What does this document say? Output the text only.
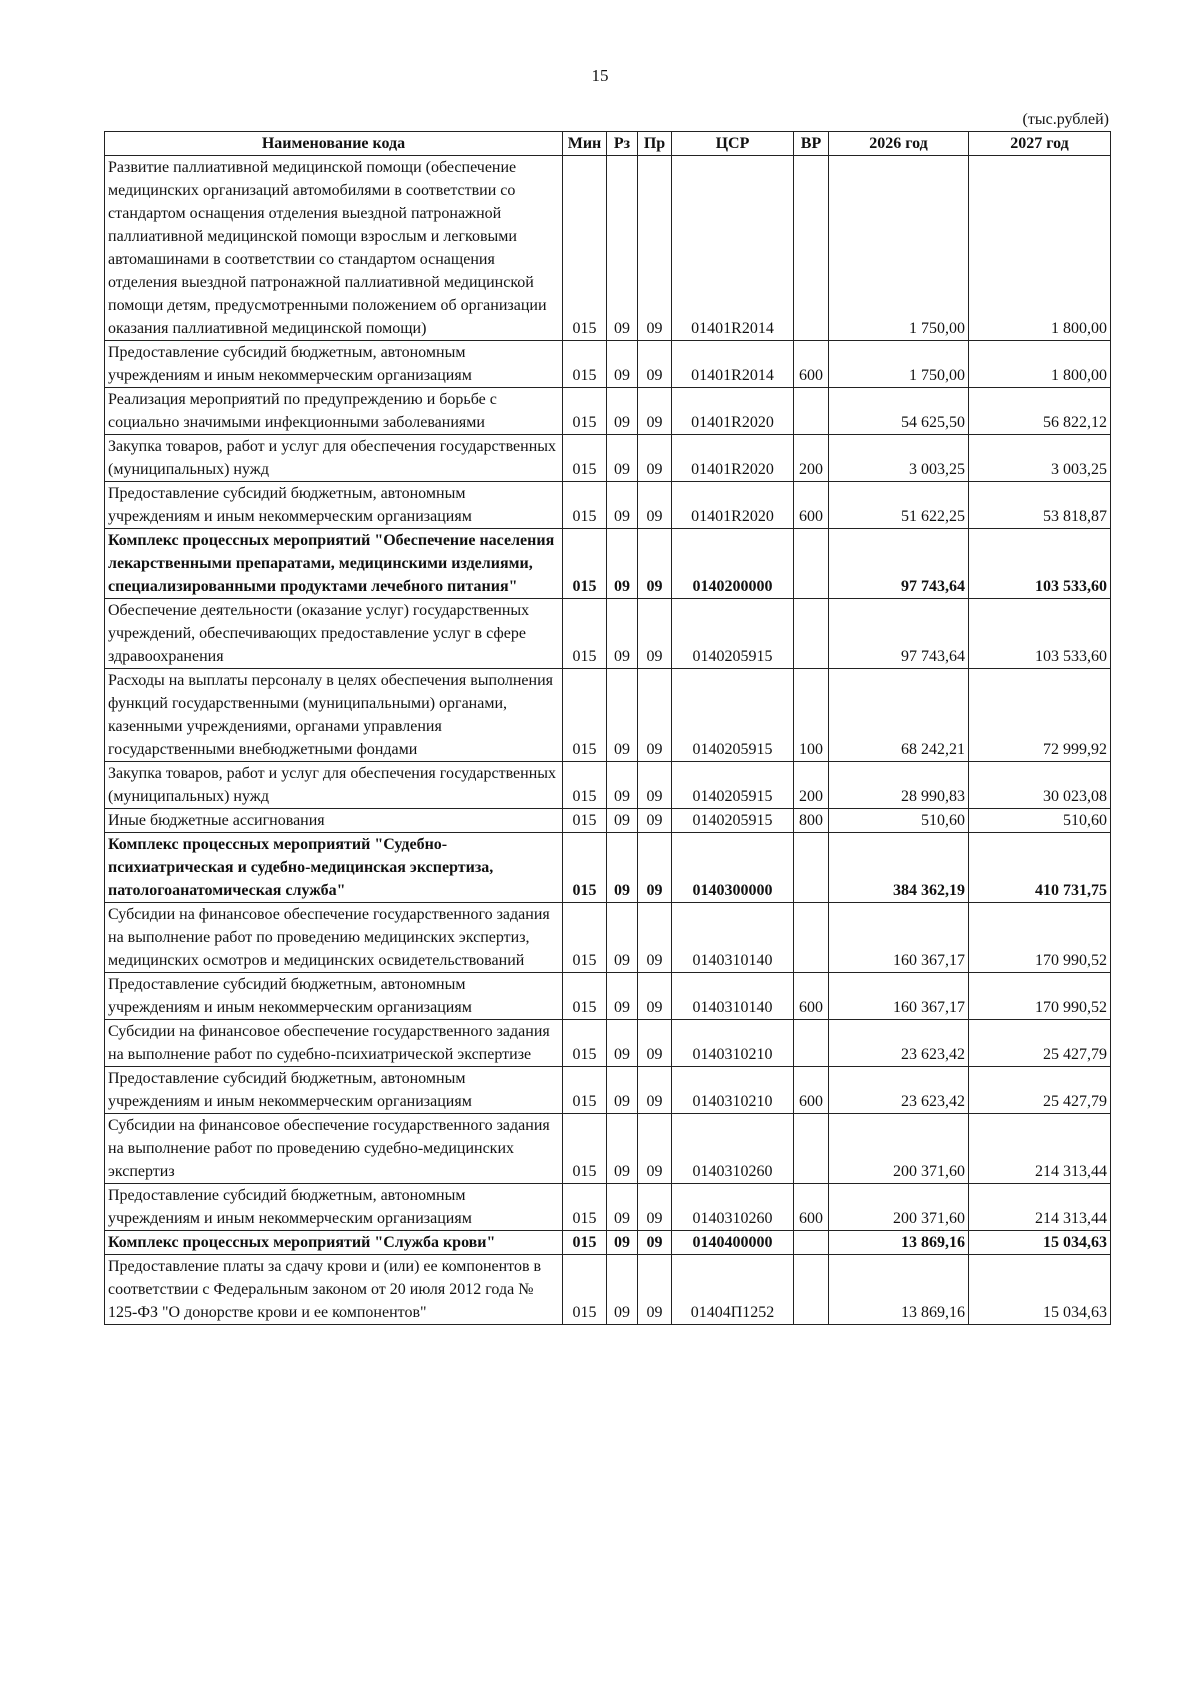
15
(тыс.рублей)
Наименование кода	Мин	Рз	Пр	ЦСР	ВР	2026 год	2027 год
Развитие паллиативной медицинской помощи (обеспечение медицинских организаций автомобилями в соответствии со стандартом оснащения отделения выездной патронажной паллиативной медицинской помощи взрослым и легковыми автомашинами в соответствии со стандартом оснащения отделения выездной патронажной паллиативной медицинской помощи детям, предусмотренными положением об организации оказания паллиативной медицинской помощи)	015	09	09	01401R2014		1 750,00	1 800,00
Предоставление субсидий бюджетным, автономным учреждениям и иным некоммерческим организациям	015	09	09	01401R2014	600	1 750,00	1 800,00
Реализация мероприятий по предупреждению и борьбе с социально значимыми инфекционными заболеваниями	015	09	09	01401R2020		54 625,50	56 822,12
Закупка товаров, работ и услуг для обеспечения государственных (муниципальных) нужд	015	09	09	01401R2020	200	3 003,25	3 003,25
Предоставление субсидий бюджетным, автономным учреждениям и иным некоммерческим организациям	015	09	09	01401R2020	600	51 622,25	53 818,87
Комплекс процессных мероприятий "Обеспечение населения лекарственными препаратами, медицинскими изделиями, специализированными продуктами лечебного питания"	015	09	09	0140200000		97 743,64	103 533,60
Обеспечение деятельности (оказание услуг) государственных учреждений, обеспечивающих предоставление услуг в сфере здравоохранения	015	09	09	0140205915		97 743,64	103 533,60
Расходы на выплаты персоналу в целях обеспечения выполнения функций государственными (муниципальными) органами, казенными учреждениями, органами управления государственными внебюджетными фондами	015	09	09	0140205915	100	68 242,21	72 999,92
Закупка товаров, работ и услуг для обеспечения государственных (муниципальных) нужд	015	09	09	0140205915	200	28 990,83	30 023,08
Иные бюджетные ассигнования	015	09	09	0140205915	800	510,60	510,60
Комплекс процессных мероприятий "Судебно-психиатрическая и судебно-медицинская экспертиза, патологоанатомическая служба"	015	09	09	0140300000		384 362,19	410 731,75
Субсидии на финансовое обеспечение государственного задания на выполнение работ по проведению медицинских экспертиз, медицинских осмотров и медицинских освидетельствований	015	09	09	0140310140		160 367,17	170 990,52
Предоставление субсидий бюджетным, автономным учреждениям и иным некоммерческим организациям	015	09	09	0140310140	600	160 367,17	170 990,52
Субсидии на финансовое обеспечение государственного задания на выполнение работ по судебно-психиатрической экспертизе	015	09	09	0140310210		23 623,42	25 427,79
Предоставление субсидий бюджетным, автономным учреждениям и иным некоммерческим организациям	015	09	09	0140310210	600	23 623,42	25 427,79
Субсидии на финансовое обеспечение государственного задания на выполнение работ по проведению судебно-медицинских экспертиз	015	09	09	0140310260		200 371,60	214 313,44
Предоставление субсидий бюджетным, автономным учреждениям и иным некоммерческим организациям	015	09	09	0140310260	600	200 371,60	214 313,44
Комплекс процессных мероприятий "Служба крови"	015	09	09	0140400000		13 869,16	15 034,63
Предоставление платы за сдачу крови и (или) ее компонентов в соответствии с Федеральным законом от 20 июля 2012 года № 125-ФЗ "О донорстве крови и ее компонентов"	015	09	09	01404П1252		13 869,16	15 034,63
